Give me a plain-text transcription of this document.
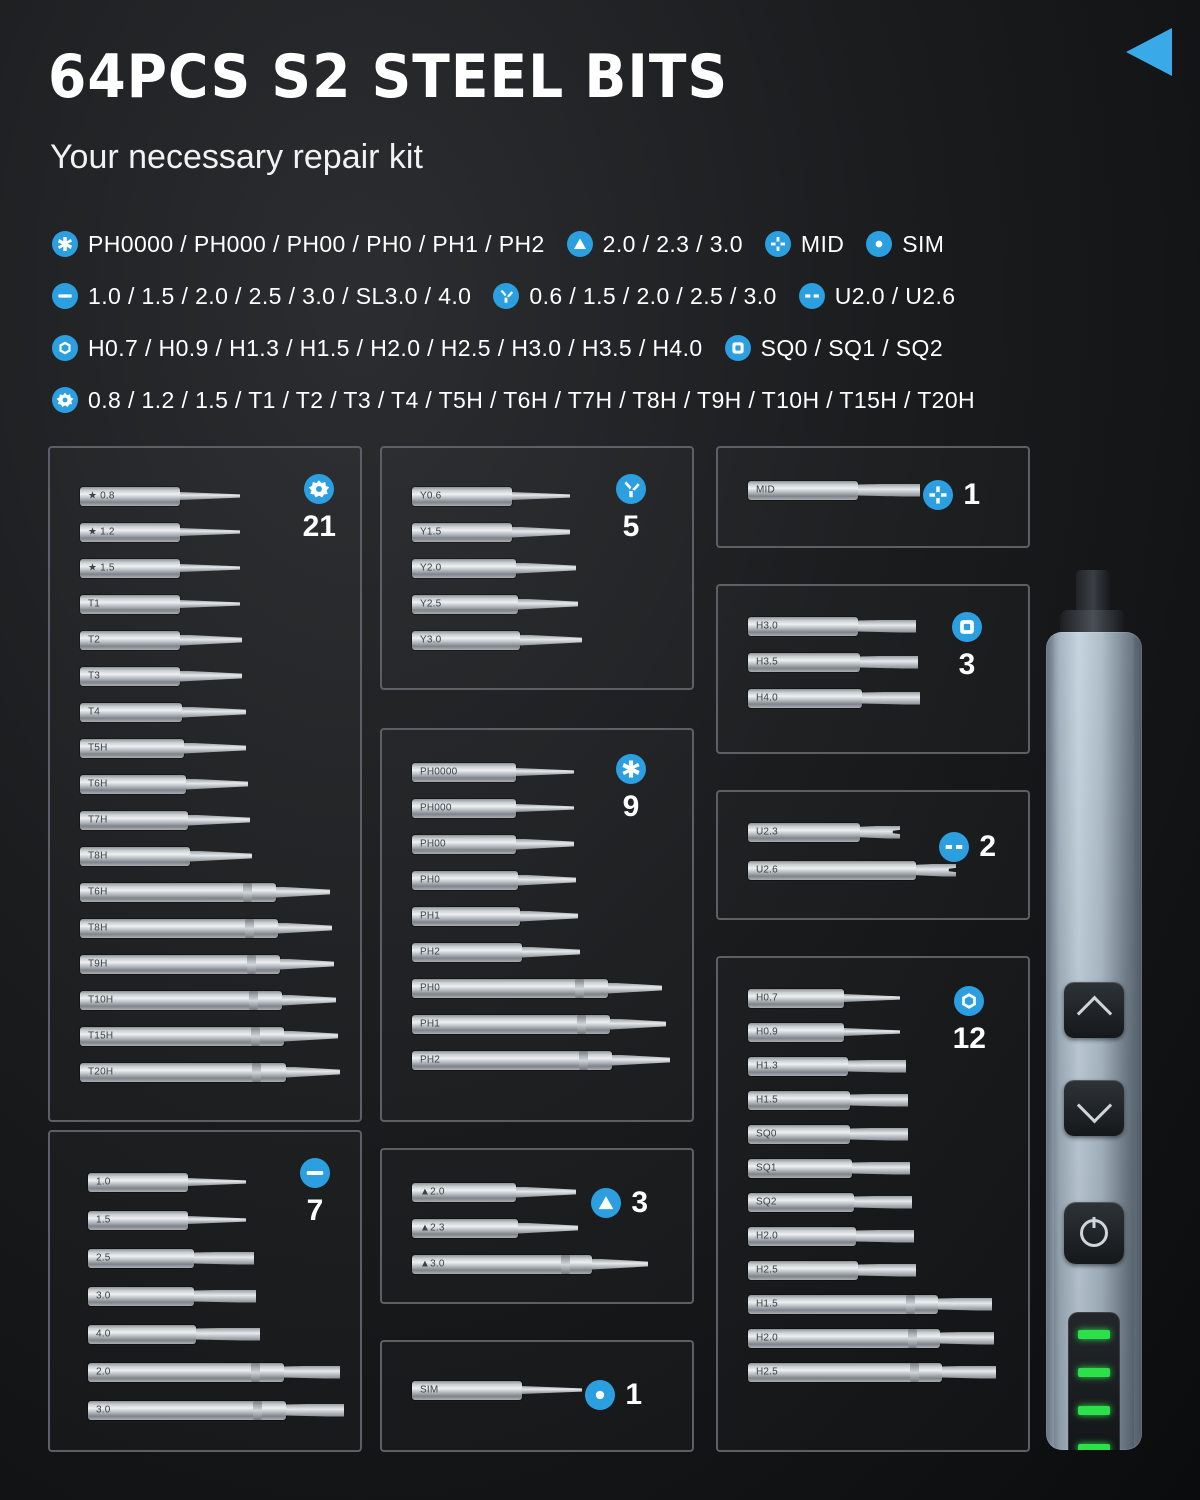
64PCS S2 STEEL BITS
Your necessary repair kit
PH0000 / PH000 / PH00 / PH0 / PH1 / PH2	2.0 / 2.3 / 3.0	MID	SIM
1.0 / 1.5 / 2.0 / 2.5 / 3.0 / SL3.0 / 4.0	0.6 / 1.5 / 2.0 / 2.5 / 3.0	U2.0 / U2.6
H0.7 / H0.9 / H1.3 / H1.5 / H2.0 / H2.5 / H3.0 / H3.5 / H4.0	SQ0 / SQ1 / SQ2
0.8 / 1.2 / 1.5 / T1 / T2 / T3 / T4 / T5H / T6H / T7H / T8H / T9H / T10H / T15H / T20H
21
★ 0.8
★ 1.2
★ 1.5
T1
T2
T3
T4
T5H
T6H
T7H
T8H
T6H
T8H
T9H
T10H
T15H
T20H
7
1.0
1.5
2.5
3.0
4.0
2.0
3.0
5
Y0.6
Y1.5
Y2.0
Y2.5
Y3.0
9
PH0000
PH000
PH00
PH0
PH1
PH2
PH0
PH1
PH2
3
▲2.0
▲2.3
▲3.0
1
SIM
1
MID
3
H3.0
H3.5
H4.0
2
U2.3
U2.6
12
H0.7
H0.9
H1.3
H1.5
SQ0
SQ1
SQ2
H2.0
H2.5
H1.5
H2.0
H2.5
